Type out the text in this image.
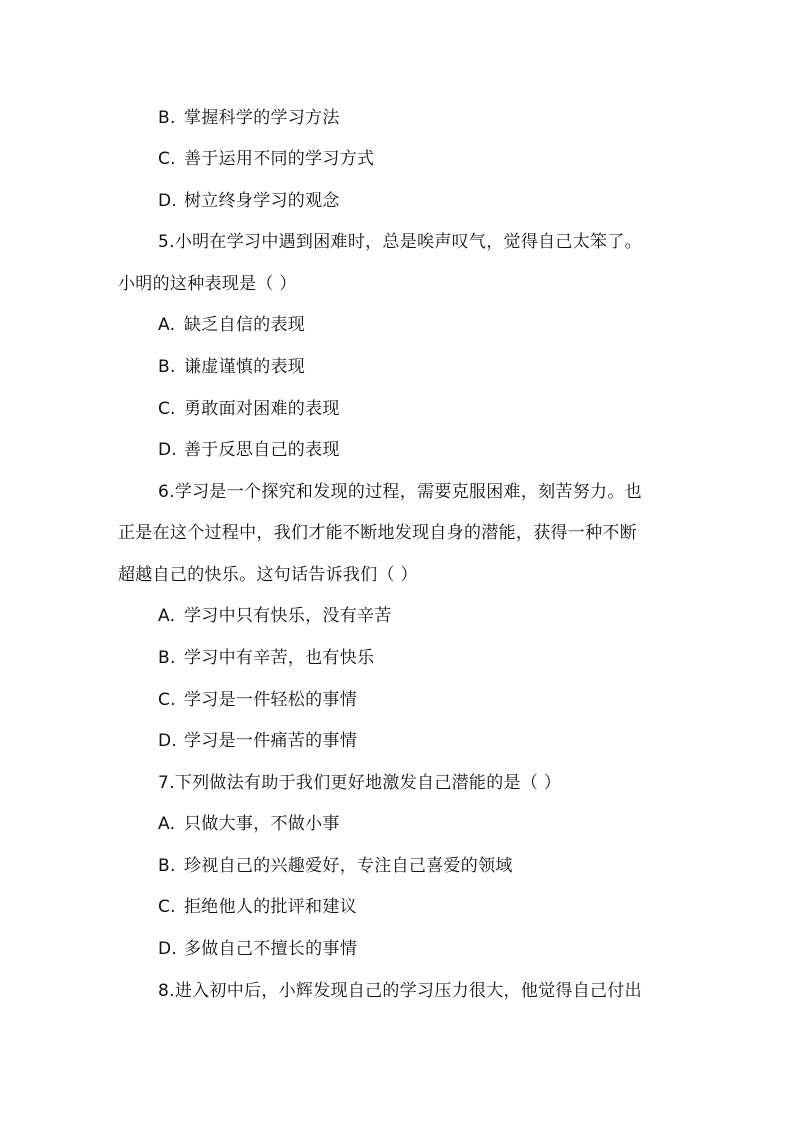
B. 掌握科学的学习方法
C. 善于运用不同的学习方式
D. 树立终身学习的观念
5.小明在学习中遇到困难时，总是唉声叹气，觉得自己太笨了。
小明的这种表现是（ ）
A. 缺乏自信的表现
B. 谦虚谨慎的表现
C. 勇敢面对困难的表现
D. 善于反思自己的表现
6.学习是一个探究和发现的过程，需要克服困难，刻苦努力。也
正是在这个过程中，我们才能不断地发现自身的潜能，获得一种不断
超越自己的快乐。这句话告诉我们（ ）
A. 学习中只有快乐，没有辛苦
B. 学习中有辛苦，也有快乐
C. 学习是一件轻松的事情
D. 学习是一件痛苦的事情
7.下列做法有助于我们更好地激发自己潜能的是（ ）
A. 只做大事，不做小事
B. 珍视自己的兴趣爱好，专注自己喜爱的领域
C. 拒绝他人的批评和建议
D. 多做自己不擅长的事情
8.进入初中后，小辉发现自己的学习压力很大，他觉得自己付出
